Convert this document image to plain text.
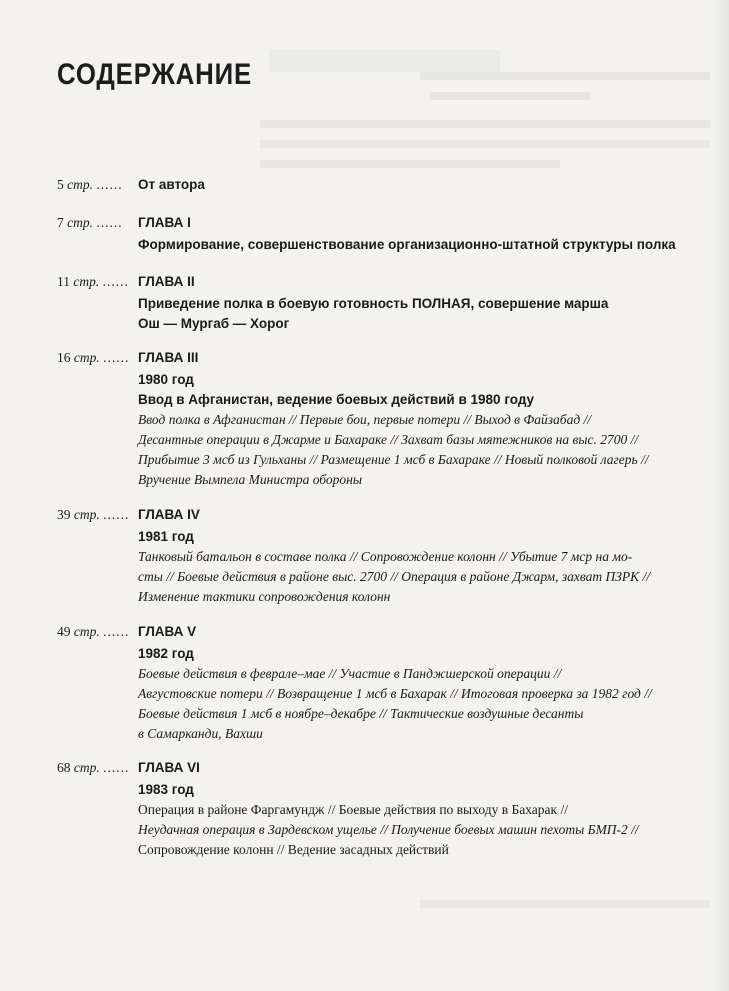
СОДЕРЖАНИЕ
5 стр. ...... От автора
7 стр. ...... ГЛАВА I
Формирование, совершенствование организационно-штатной структуры полка
11 стр. ...... ГЛАВА II
Приведение полка в боевую готовность ПОЛНАЯ, совершение марша
Ош — Мургаб — Хорог
16 стр. ...... ГЛАВА III
1980 год
Ввод в Афганистан, ведение боевых действий в 1980 году
Ввод полка в Афганистан // Первые бои, первые потери // Выход в Файзабад //
Десантные операции в Джарме и Бахараке // Захват базы мятежников на выс. 2700 //
Прибытие 3 мсб из Гульханы // Размещение 1 мсб в Бахараке // Новый полковой лагерь //
Вручение Вымпела Министра обороны
39 стр. ...... ГЛАВА IV
1981 год
Танковый батальон в составе полка // Сопровождение колонн // Убытие 7 мср на мо-
сты // Боевые действия в районе выс. 2700 // Операция в районе Джарм, захват ПЗРК //
Изменение тактики сопровождения колонн
49 стр. ...... ГЛАВА V
1982 год
Боевые действия в феврале–мае // Участие в Панджшерской операции //
Августовские потери // Возвращение 1 мсб в Бахарак // Итоговая проверка за 1982 год //
Боевые действия 1 мсб в ноябре–декабре // Тактические воздушные десанты
в Самарканди, Вахши
68 стр. ...... ГЛАВА VI
1983 год
Операция в районе Фаргамундж // Боевые действия по выходу в Бахарак //
Неудачная операция в Зардевском ущелье // Получение боевых машин пехоты БМП-2 //
Сопровождение колонн // Ведение засадных действий
